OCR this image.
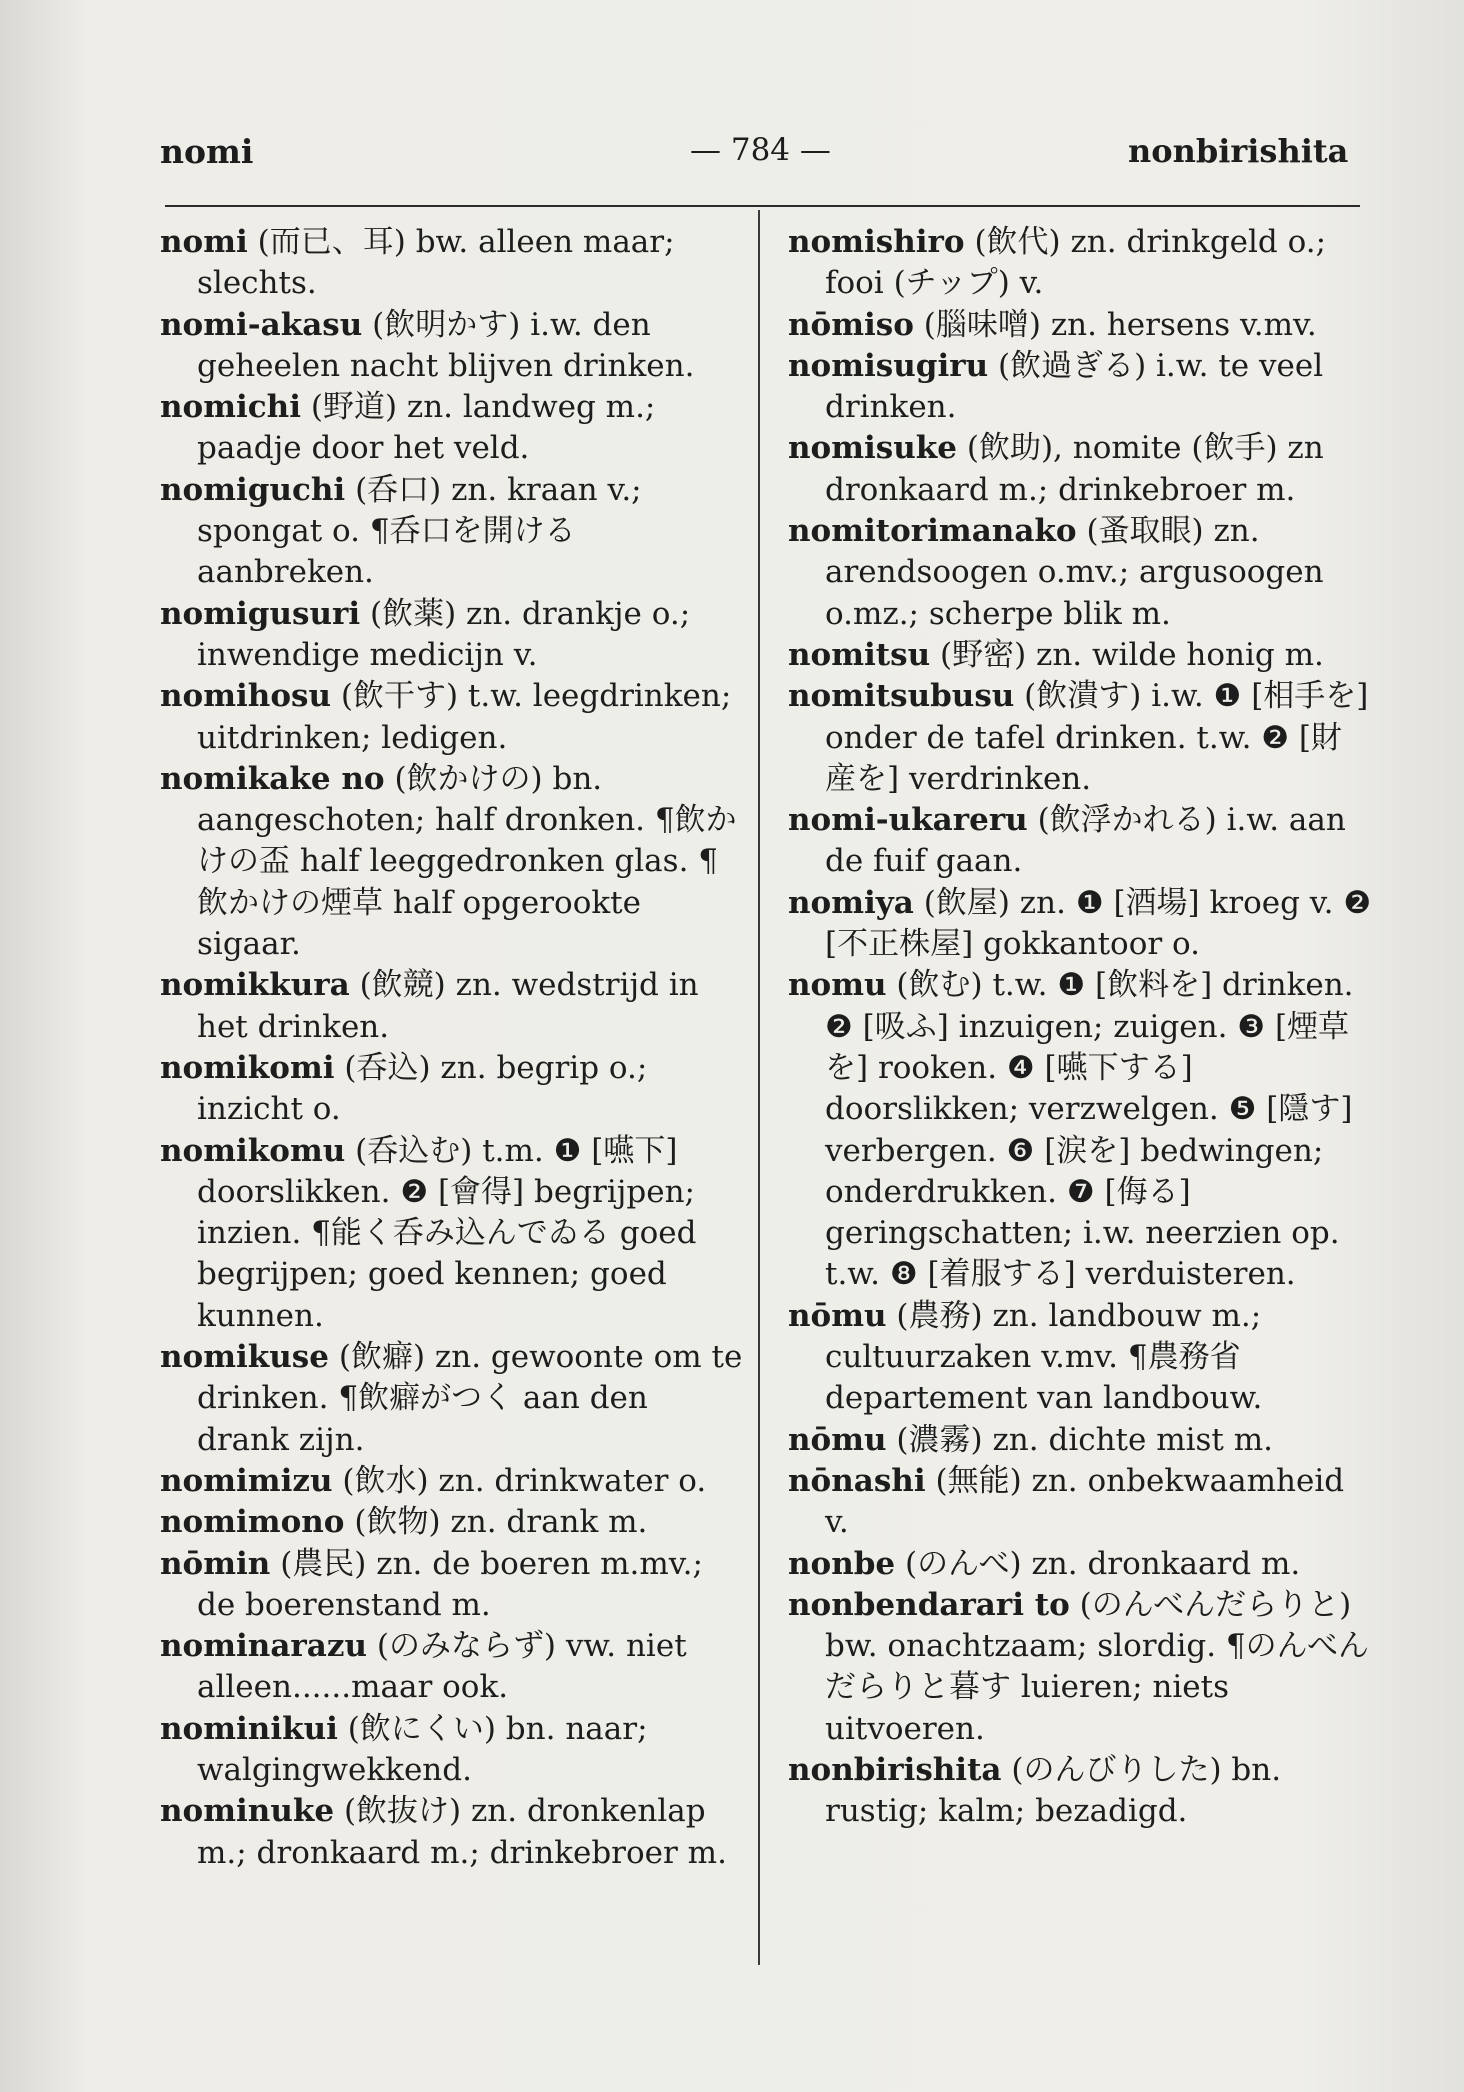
nomi	— 784 —	nonbirishita

nomi (而已、耳) bw. alleen maar; slechts.

nomi-akasu (飲明かす) i.w. den geheelen nacht blijven drinken.

nomichi (野道) zn. landweg m.; paadje door het veld.

nomiguchi (呑口) zn. kraan v.; spongat o. ¶呑口を開ける aanbreken.

nomigusuri (飲薬) zn. drankje o.; inwendige medicijn v.

nomihosu (飲干す) t.w. leegdrinken; uitdrinken; ledigen.

nomikake no (飲かけの) bn. aangeschoten; half dronken. ¶飲かけの盃 half leeggedronken glas. ¶飲かけの煙草 half opgerookte sigaar.

nomikkura (飲競) zn. wedstrijd in het drinken.

nomikomi (呑込) zn. begrip o.; inzicht o.

nomikomu (呑込む) t.m. ❶ [嚥下] doorslikken. ❷ [會得] begrijpen; inzien. ¶能く呑み込んでゐる goed begrijpen; goed kennen; goed kunnen.

nomikuse (飲癖) zn. gewoonte om te drinken. ¶飲癖がつく aan den drank zijn.

nomimizu (飲水) zn. drinkwater o.

nomimono (飲物) zn. drank m.

nōmin (農民) zn. de boeren m.mv.; de boerenstand m.

nominarazu (のみならず) vw. niet alleen......maar ook.

nominikui (飲にくい) bn. naar; walgingwekkend.

nominuke (飲抜け) zn. dronkenlap m.; dronkaard m.; drinkebroer m.

nomishiro (飲代) zn. drinkgeld o.; fooi (チップ) v.

nōmiso (腦味噌) zn. hersens v.mv.

nomisugiru (飲過ぎる) i.w. te veel drinken.

nomisuke (飲助), nomite (飲手) zn dronkaard m.; drinkebroer m.

nomitorimanako (蚤取眼) zn. arendsoogen o.mv.; argusoogen o.mz.; scherpe blik m.

nomitsu (野密) zn. wilde honig m.

nomitsubusu (飲潰す) i.w. ❶ [相手を] onder de tafel drinken. t.w. ❷ [財産を] verdrinken.

nomi-ukareru (飲浮かれる) i.w. aan de fuif gaan.

nomiya (飲屋) zn. ❶ [酒場] kroeg v. ❷ [不正株屋] gokkantoor o.

nomu (飲む) t.w. ❶ [飲料を] drinken. ❷ [吸ふ] inzuigen; zuigen. ❸ [煙草を] rooken. ❹ [嚥下する] doorslikken; verzwelgen. ❺ [隱す] verbergen. ❻ [涙を] bedwingen; onderdrukken. ❼ [侮る] geringschatten; i.w. neerzien op. t.w. ❽ [着服する] verduisteren.

nōmu (農務) zn. landbouw m.; cultuurzaken v.mv. ¶農務省 departement van landbouw.

nōmu (濃霧) zn. dichte mist m.

nōnashi (無能) zn. onbekwaamheid v.

nonbe (のんべ) zn. dronkaard m.

nonbendarari to (のんべんだらりと) bw. onachtzaam; slordig. ¶のんべんだらりと暮す luieren; niets uitvoeren.

nonbirishita (のんびりした) bn. rustig; kalm; bezadigd.
